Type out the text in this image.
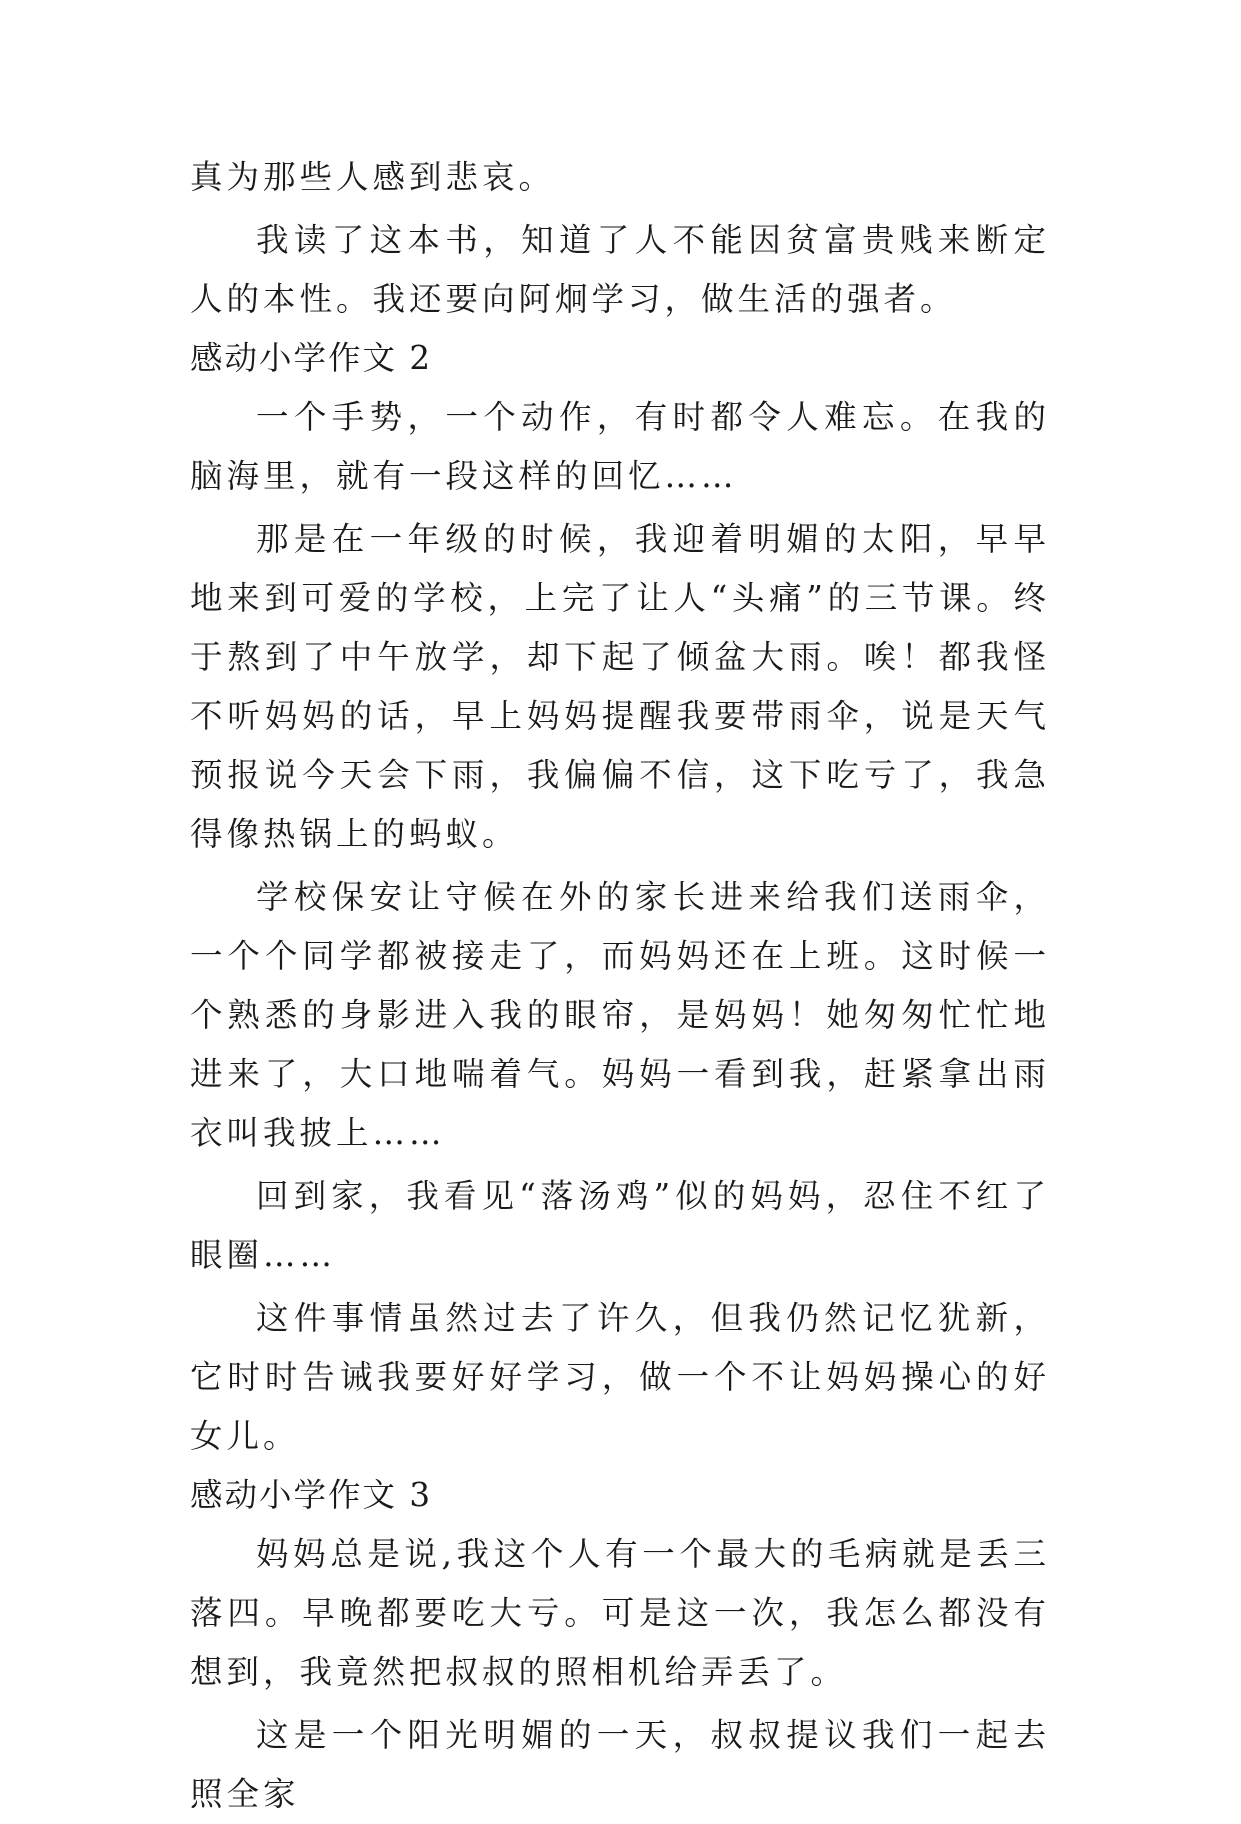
真为那些人感到悲哀。

我读了这本书，知道了人不能因贫富贵贱来断定人的本性。我还要向阿炯学习，做生活的强者。

感动小学作文 2

一个手势，一个动作，有时都令人难忘。在我的脑海里，就有一段这样的回忆……

那是在一年级的时候，我迎着明媚的太阳，早早地来到可爱的学校，上完了让人“头痛”的三节课。终于熬到了中午放学，却下起了倾盆大雨。唉！都我怪不听妈妈的话，早上妈妈提醒我要带雨伞，说是天气预报说今天会下雨，我偏偏不信，这下吃亏了，我急得像热锅上的蚂蚁。

学校保安让守候在外的家长进来给我们送雨伞，一个个同学都被接走了，而妈妈还在上班。这时候一个熟悉的身影进入我的眼帘，是妈妈！她匆匆忙忙地进来了，大口地喘着气。妈妈一看到我，赶紧拿出雨衣叫我披上……

回到家，我看见“落汤鸡”似的妈妈，忍住不红了眼圈……

这件事情虽然过去了许久，但我仍然记忆犹新，它时时告诫我要好好学习，做一个不让妈妈操心的好女儿。

感动小学作文 3

妈妈总是说,我这个人有一个最大的毛病就是丢三落四。早晚都要吃大亏。可是这一次，我怎么都没有想到，我竟然把叔叔的照相机给弄丢了。

这是一个阳光明媚的一天，叔叔提议我们一起去照全家
